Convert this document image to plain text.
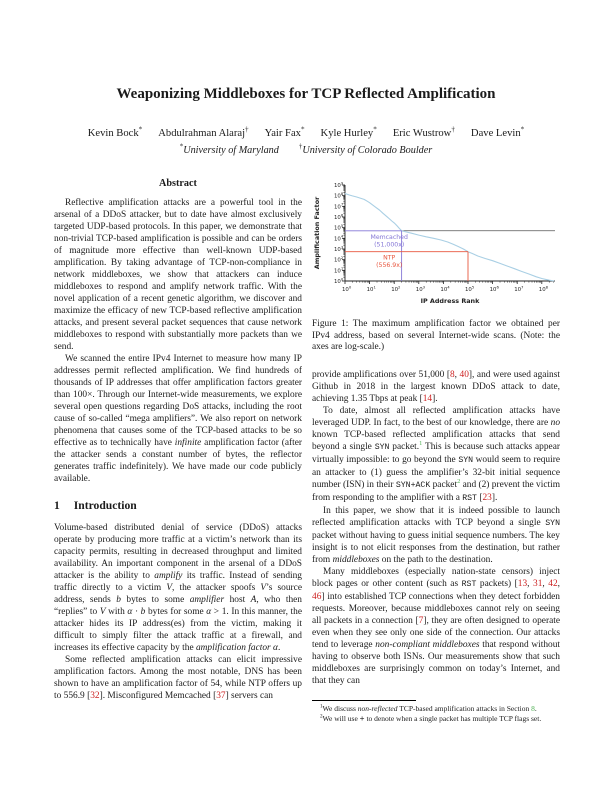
Weaponizing Middleboxes for TCP Reflected Amplification
Kevin Bock* Abdulrahman Alaraj† Yair Fax* Kyle Hurley* Eric Wustrow† Dave Levin*
*University of Maryland	†University of Colorado Boulder
Abstract

Reflective amplification attacks are a powerful tool in the arsenal of a DDoS attacker, but to date have almost exclusively targeted UDP-based protocols. In this paper, we demonstrate that non-trivial TCP-based amplification is possible and can be orders of magnitude more effective than well-known UDP-based amplification. By taking advantage of TCP-non-compliance in network middleboxes, we show that attackers can induce middleboxes to respond and amplify network traffic. With the novel application of a recent genetic algorithm, we discover and maximize the efficacy of new TCP-based reflective amplification attacks, and present several packet sequences that cause network middleboxes to respond with substantially more packets than we send.

We scanned the entire IPv4 Internet to measure how many IP addresses permit reflected amplification. We find hundreds of thousands of IP addresses that offer amplification factors greater than 100×. Through our Internet-wide measurements, we explore several open questions regarding DoS attacks, including the root cause of so-called “mega amplifiers”. We also report on network phenomena that causes some of the TCP-based attacks to be so effective as to technically have infinite amplification factor (after the attacker sends a constant number of bytes, the reflector generates traffic indefinitely). We have made our code publicly available.

1 Introduction

Volume-based distributed denial of service (DDoS) attacks operate by producing more traffic at a victim’s network than its capacity permits, resulting in decreased throughput and limited availability. An important component in the arsenal of a DDoS attacker is the ability to amplify its traffic. Instead of sending traffic directly to a victim V, the attacker spoofs V’s source address, sends b bytes to some amplifier host A, who then “replies” to V with α · b bytes for some α > 1. In this manner, the attacker hides its IP address(es) from the victim, making it difficult to simply filter the attack traffic at a firewall, and increases its effective capacity by the amplification factor α.

Some reflected amplification attacks can elicit impressive amplification factors. Among the most notable, DNS has been shown to have an amplification factor of 54, while NTP offers up to 556.9 [32]. Misconfigured Memcached [37] servers can

$10^0$
$10^1$
$10^2$
$10^3$
$10^4$
$10^5$
$10^6$
$10^7$
$10^8$
$10^0$
$10^1$
$10^2$
$10^3$
$10^4$
$10^5$
$10^6$
$10^7$
$10^8$
$10^9$
IP Address Rank
Amplification Factor	Memcached
(51,000x)
NTP
(556.9x)
Figure 1: The maximum amplification factor we obtained per IPv4 address, based on several Internet-wide scans. (Note: the axes are log-scale.)

provide amplifications over 51,000 [8, 40], and were used against Github in 2018 in the largest known DDoS attack to date, achieving 1.35 Tbps at peak [14].

To date, almost all reflected amplification attacks have leveraged UDP. In fact, to the best of our knowledge, there are no known TCP-based reflected amplification attacks that send beyond a single SYN packet.$^1$ This is because such attacks appear virtually impossible: to go beyond the SYN would seem to require an attacker to (1) guess the amplifier’s 32-bit initial sequence number (ISN) in their SYN+ACK packet$^2$ and (2) prevent the victim from responding to the amplifier with a RST [23].

In this paper, we show that it is indeed possible to launch reflected amplification attacks with TCP beyond a single SYN packet without having to guess initial sequence numbers. The key insight is to not elicit responses from the destination, but rather from middleboxes on the path to the destination.

Many middleboxes (especially nation-state censors) inject block pages or other content (such as RST packets) [13, 31, 42, 46] into established TCP connections when they detect forbidden requests. Moreover, because middleboxes cannot rely on seeing all packets in a connection [7], they are often designed to operate even when they see only one side of the connection. Our attacks tend to leverage non-compliant middleboxes that respond without having to observe both ISNs. Our measurements show that such middleboxes are surprisingly common on today’s Internet, and that they can

$^1$We discuss non-reflected TCP-based amplification attacks in Section 8.

$^2$We will use + to denote when a single packet has multiple TCP flags set.
